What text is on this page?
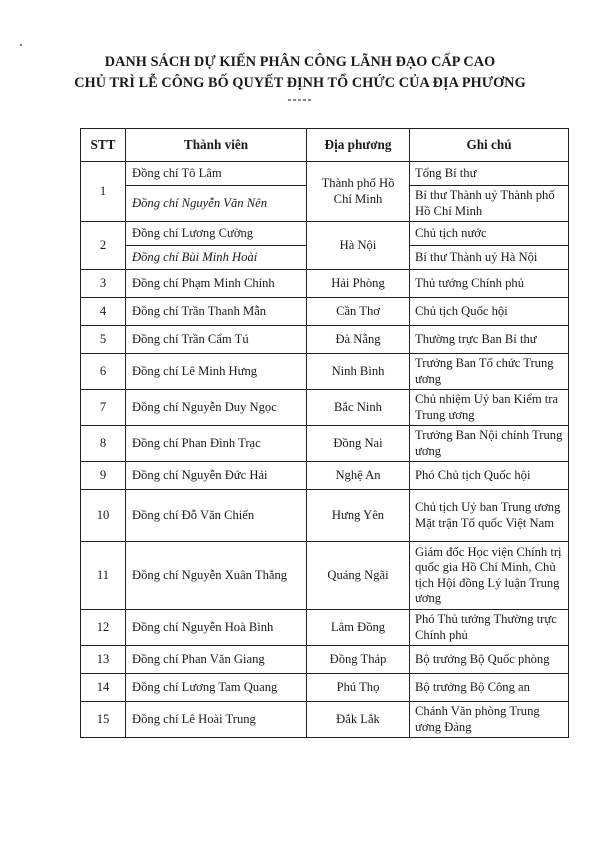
DANH SÁCH DỰ KIẾN PHÂN CÔNG LÃNH ĐẠO CẤP CAO
CHỦ TRÌ LỄ CÔNG BỐ QUYẾT ĐỊNH TỔ CHỨC CỦA ĐỊA PHƯƠNG
-----
STT	Thành viên	Địa phương	Ghi chú
1	Đồng chí Tô Lâm	Thành phố Hồ Chí Minh	Tổng Bí thư
	Đồng chí Nguyễn Văn Nên		Bí thư Thành uỷ Thành phố Hồ Chí Minh
2	Đồng chí Lương Cường	Hà Nội	Chủ tịch nước
	Đồng chí Bùi Minh Hoài		Bí thư Thành uỷ Hà Nội
3	Đồng chí Phạm Minh Chính	Hải Phòng	Thủ tướng Chính phủ
4	Đồng chí Trần Thanh Mẫn	Cần Thơ	Chủ tịch Quốc hội
5	Đồng chí Trần Cẩm Tú	Đà Nẵng	Thường trực Ban Bí thư
6	Đồng chí Lê Minh Hưng	Ninh Bình	Trưởng Ban Tổ chức Trung ương
7	Đồng chí Nguyễn Duy Ngọc	Bắc Ninh	Chủ nhiệm Uỷ ban Kiểm tra Trung ương
8	Đồng chí Phan Đình Trạc	Đồng Nai	Trưởng Ban Nội chính Trung ương
9	Đồng chí Nguyễn Đức Hải	Nghệ An	Phó Chủ tịch Quốc hội
10	Đồng chí Đỗ Văn Chiến	Hưng Yên	Chủ tịch Uỷ ban Trung ương Mặt trận Tổ quốc Việt Nam
11	Đồng chí Nguyễn Xuân Thắng	Quảng Ngãi	Giám đốc Học viện Chính trị quốc gia Hồ Chí Minh, Chủ tịch Hội đồng Lý luận Trung ương
12	Đồng chí Nguyễn Hoà Bình	Lâm Đồng	Phó Thủ tướng Thường trực Chính phủ
13	Đồng chí Phan Văn Giang	Đồng Tháp	Bộ trưởng Bộ Quốc phòng
14	Đồng chí Lương Tam Quang	Phú Thọ	Bộ trưởng Bộ Công an
15	Đồng chí Lê Hoài Trung	Đắk Lắk	Chánh Văn phòng Trung ương Đảng
